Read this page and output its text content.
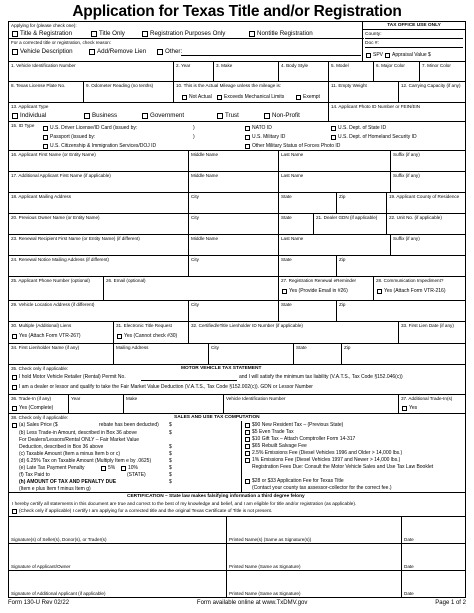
Application for Texas Title and/or Registration
Applying for (please check one):
Title & Registration	Title Only	Registration Purposes Only	Nontitle Registration
For a corrected title or registration, check reason:
Vehicle Description	Add/Remove Lien	Other:
TAX OFFICE USE ONLY
County:
Doc #:
SPV Appraisal Value $
1. Vehicle Identification Number	2. Year	3. Make	4. Body Style	5. Model	6. Major Color	7. Minor Color
8. Texas License Plate No.	9. Odometer Reading (no tenths)	10. This is the Actual Mileage unless the mileage is:
Not Actual Exceeds Mechanical Limits	Exempt
11. Empty Weight	12. Carrying Capacity (if any)
13. Applicant Type
Individual	Business	Government	Trust	Non-Profit
14. Applicant Photo ID Number or FEIN/EIN
15. ID Type	U.S. Driver License/ID Card (issued by:	)
Passport (issued by:	)
U.S. Citizenship & Immigration Services/DOJ ID
NATO ID
U.S. Military ID
Other Military Status of Forces Photo ID
U.S. Dept. of State ID
U.S. Dept. of Homeland Security ID
16. Applicant First Name (or Entity Name)	Middle Name	Last Name	Suffix (if any)
17. Additional Applicant First Name (if applicable)	Middle Name	Last Name	Suffix (if any)
18. Applicant Mailing Address	City	State	Zip	19. Applicant County of Residence
20. Previous Owner Name (or Entity Name)	City	State	21. Dealer GDN (if applicable)	22. Unit No. (if applicable)
23. Renewal Recipient First Name (or Entity Name) (if different)	Middle Name	Last Name	Suffix (if any)
24. Renewal Notice Mailing Address (if different)	City	State	Zip
25. Applicant Phone Number (optional)	26. Email (optional)	27. Registration Renewal eReminder
Yes (Provide Email in #26)
28. Communication Impediment?
Yes (Attach Form VTR-216)
29. Vehicle Location Address (if different)	City	State	Zip
30. Multiple (Additional) Liens
Yes (Attach Form VTR-267)
31. Electronic Title Request
Yes (Cannot check #30)
32. Certified/eTitle Lienholder ID Number (if applicable)	33. First Lien Date (if any)
34. First Lienholder Name (if any)	Mailing Address	City	State	Zip
MOTOR VEHICLE TAX STATEMENT
35. Check only if applicable:
I hold Motor Vehicle Retailer (Rental) Permit No.	and I will satisfy the minimum tax liability (V.A.T.S., Tax Code §152.046(c))
I am a dealer or lessor and qualify to take the Fair Market Value Deduction (V.A.T.S., Tax Code §152.002(c)). GDN or Lessor Number
36. Trade-In (if any)
Yes (Complete)
Year	Make	Vehicle Identification Number	37. Additional Trade-In(s)
Yes
SALES AND USE TAX COMPUTATION
38. Check only if applicable:
(a) Sales Price ($	rebate has been deducted) $
(b) Less Trade-in Amount, described in Box 36 above	$
For Dealers/Lessors/Rental ONLY – Fair Market Value
Deduction, described in Box 36 above	$
(c) Taxable Amount (Item a minus Item b or c)	$
(d) 6.25% Tax on Taxable Amount (Multiply Item e by .0625)	$
(e) Late Tax Payment Penalty	5%	10%	$
(f) Tax Paid to	(STATE)	$
(h) AMOUNT OF TAX AND PENALTY DUE	$
(Item e plus Item f minus Item g)
$90 New Resident Tax – (Previous State)
$5 Even Trade Tax
$10 Gift Tax – Attach Comptroller Form 14-317
$65 Rebuilt Salvage Fee
2.5% Emissions Fee (Diesel Vehicles 1996 and Older > 14,000 lbs.)
1% Emissions Fee (Diesel Vehicles 1997 and Newer > 14,000 lbs.)
Registration Fees Due: Consult the Motor Vehicle Sales and Use Tax Law Booklet
$28 or $33 Application Fee for Texas Title
(Contact your county tax assessor-collector for the correct fee.)
CERTIFICATION – State law makes falsifying information a third degree felony
I hereby certify all statements in this document are true and correct to the best of my knowledge and belief, and I am eligible for title and/or registration (as applicable).
(Check only if applicable) I certify I am applying for a corrected title and the original Texas Certificate of Title is not present.
Signature(s) of Seller(s), Donor(s), or Trader(s)	Printed Name(s) (Same as Signature(s))	Date
Signature of Applicant/Owner	Printed Name (Same as Signature)	Date
Signature of Additional Applicant (if applicable)	Printed Name (Same as Signature)	Date
Form 130-U Rev 02/22	Form available online at www.TxDMV.gov	Page 1 of 2
